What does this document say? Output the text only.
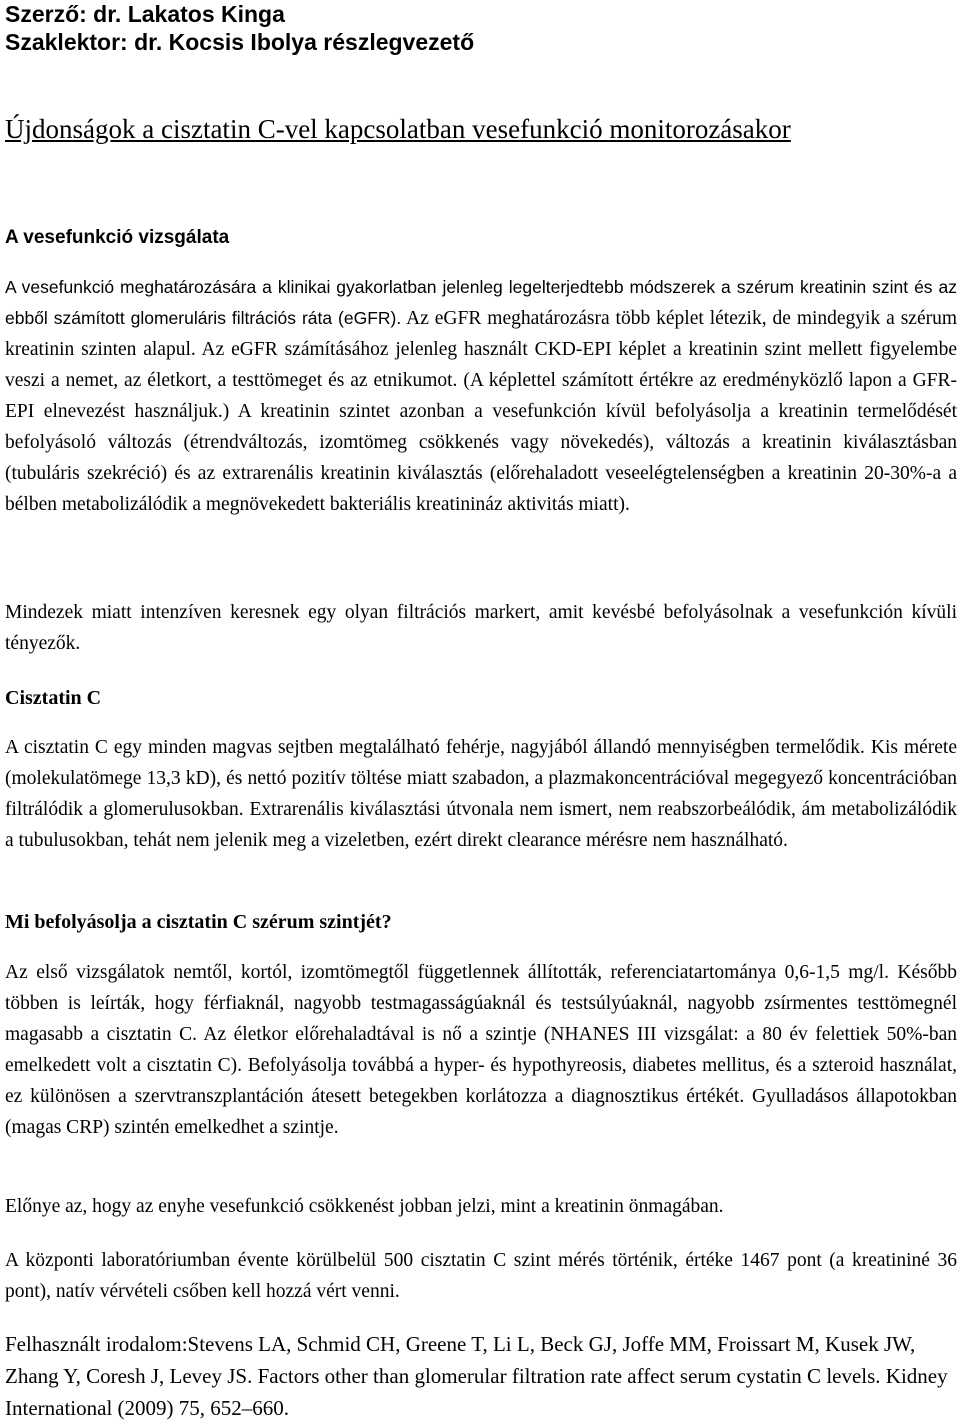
Szerző: dr. Lakatos Kinga
Szaklektor: dr. Kocsis Ibolya részlegvezető
Újdonságok a cisztatin C-vel kapcsolatban vesefunkció monitorozásakor
A vesefunkció vizsgálata
A vesefunkció meghatározására a klinikai gyakorlatban jelenleg legelterjedtebb módszerek a szérum kreatinin szint és az ebből számított glomeruláris filtrációs ráta (eGFR). Az eGFR meghatározásra több képlet létezik, de mindegyik a szérum kreatinin szinten alapul. Az eGFR számításához jelenleg használt CKD-EPI képlet a kreatinin szint mellett figyelembe veszi a nemet, az életkort, a testtömeget és az etnikumot. (A képlettel számított értékre az eredményközlő lapon a GFR-EPI elnevezést használjuk.) A kreatinin szintet azonban a vesefunkción kívül befolyásolja a kreatinin termelődését befolyásoló változás (étrendváltozás, izomtömeg csökkenés vagy növekedés), változás a kreatinin kiválasztásban (tubuláris szekréció) és az extrarenális kreatinin kiválasztás (előrehaladott veseelégtelenségben a kreatinin 20-30%-a a bélben metabolizálódik a megnövekedett bakteriális kreatinináz aktivitás miatt).
Mindezek miatt intenzíven keresnek egy olyan filtrációs markert, amit kevésbé befolyásolnak a vesefunkción kívüli tényezők.
Cisztatin C
A cisztatin C egy minden magvas sejtben megtalálható fehérje, nagyjából állandó mennyiségben termelődik. Kis mérete (molekulatömege 13,3 kD), és nettó pozitív töltése miatt szabadon, a plazmakoncentrációval megegyező koncentrációban filtrálódik a glomerulusokban. Extrarenális kiválasztási útvonala nem ismert, nem reabszorbeálódik, ám metabolizálódik a tubulusokban, tehát nem jelenik meg a vizeletben, ezért direkt clearance mérésre nem használható.
Mi befolyásolja a cisztatin C szérum szintjét?
Az első vizsgálatok nemtől, kortól, izomtömegtől függetlennek állították, referenciatartománya 0,6-1,5 mg/l. Később többen is leírták, hogy férfiaknál, nagyobb testmagasságúaknál és testsúlyúaknál, nagyobb zsírmentes testtömegnél magasabb a cisztatin C. Az életkor előrehaladtával is nő a szintje (NHANES III vizsgálat: a 80 év felettiek 50%-ban emelkedett volt a cisztatin C). Befolyásolja továbbá a hyper- és hypothyreosis, diabetes mellitus, és a szteroid használat, ez különösen a szervtranszplantáción átesett betegekben korlátozza a diagnosztikus értékét. Gyulladásos állapotokban (magas CRP) szintén emelkedhet a szintje.
Előnye az, hogy az enyhe vesefunkció csökkenést jobban jelzi, mint a kreatinin önmagában.
A központi laboratóriumban évente körülbelül 500 cisztatin C szint mérés történik, értéke 1467 pont (a kreatininé 36 pont), natív vérvételi csőben kell hozzá vért venni.
Felhasznált irodalom:Stevens LA, Schmid CH, Greene T, Li L, Beck GJ, Joffe MM, Froissart M, Kusek JW, Zhang Y, Coresh J, Levey JS. Factors other than glomerular filtration rate affect serum cystatin C levels. Kidney International (2009) 75, 652–660.
